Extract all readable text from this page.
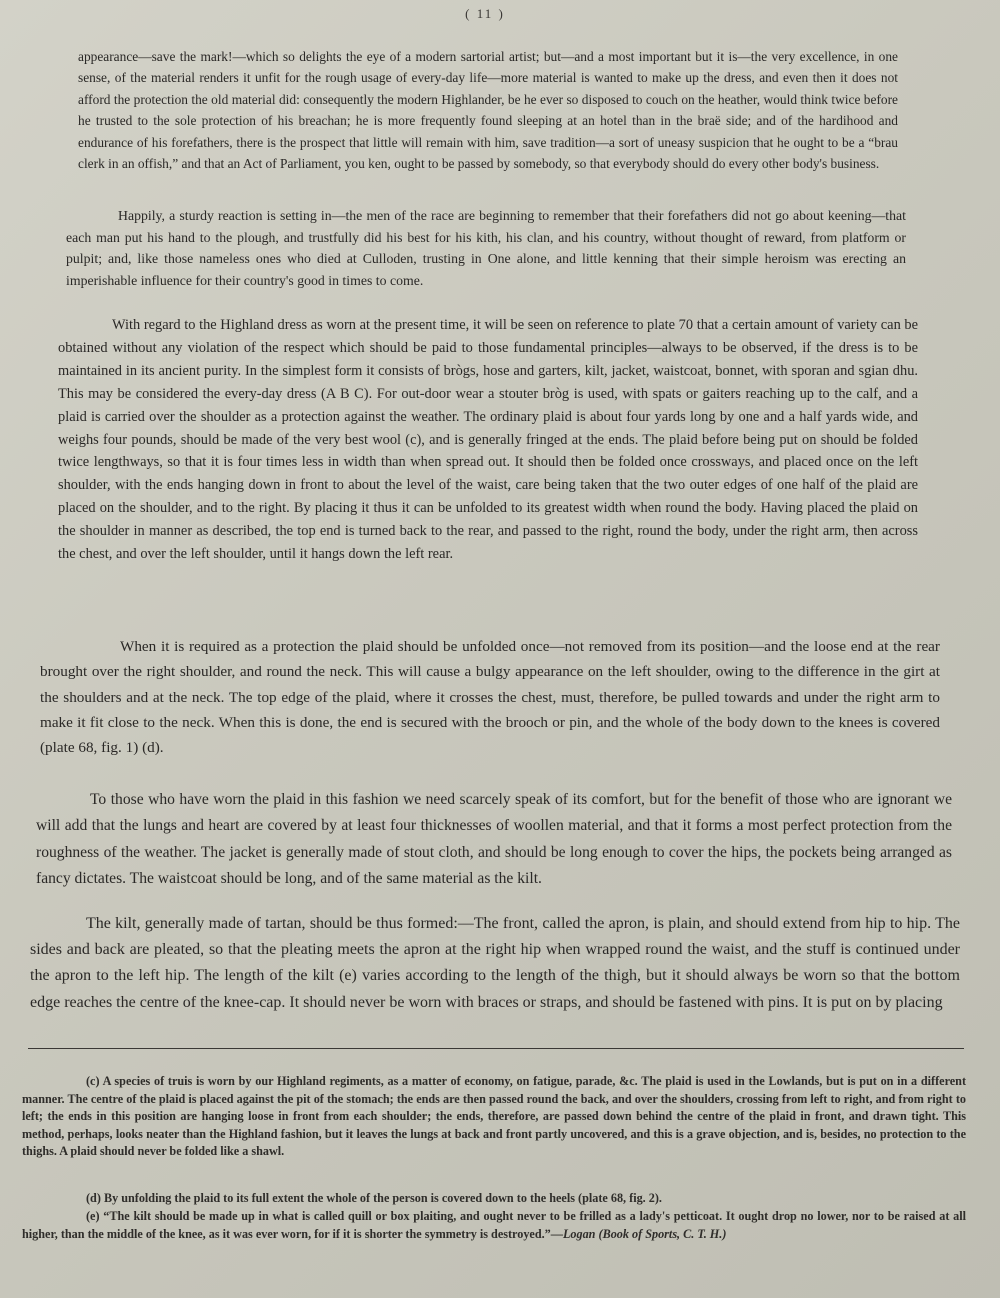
( 11 )

appearance—save the mark!—which so delights the eye of a modern sartorial artist; but—and a most important but it is—the very excellence, in one sense, of the material renders it unfit for the rough usage of every-day life—more material is wanted to make up the dress, and even then it does not afford the protection the old material did: consequently the modern Highlander, be he ever so disposed to couch on the heather, would think twice before he trusted to the sole protection of his breachan; he is more frequently found sleeping at an hotel than in the braë side; and of the hardihood and endurance of his forefathers, there is the prospect that little will remain with him, save tradition—a sort of uneasy suspicion that he ought to be a “brau clerk in an offish,” and that an Act of Parliament, you ken, ought to be passed by somebody, so that everybody should do every other body's business.

Happily, a sturdy reaction is setting in—the men of the race are beginning to remember that their forefathers did not go about keening—that each man put his hand to the plough, and trustfully did his best for his kith, his clan, and his country, without thought of reward, from platform or pulpit; and, like those nameless ones who died at Culloden, trusting in One alone, and little kenning that their simple heroism was erecting an imperishable influence for their country's good in times to come.

With regard to the Highland dress as worn at the present time, it will be seen on reference to plate 70 that a certain amount of variety can be obtained without any violation of the respect which should be paid to those fundamental principles—always to be observed, if the dress is to be maintained in its ancient purity. In the simplest form it consists of brògs, hose and garters, kilt, jacket, waistcoat, bonnet, with sporan and sgian dhu. This may be considered the every-day dress (A B C). For out-door wear a stouter bròg is used, with spats or gaiters reaching up to the calf, and a plaid is carried over the shoulder as a protection against the weather. The ordinary plaid is about four yards long by one and a half yards wide, and weighs four pounds, should be made of the very best wool (c), and is generally fringed at the ends. The plaid before being put on should be folded twice lengthways, so that it is four times less in width than when spread out. It should then be folded once crossways, and placed once on the left shoulder, with the ends hanging down in front to about the level of the waist, care being taken that the two outer edges of one half of the plaid are placed on the shoulder, and to the right. By placing it thus it can be unfolded to its greatest width when round the body. Having placed the plaid on the shoulder in manner as described, the top end is turned back to the rear, and passed to the right, round the body, under the right arm, then across the chest, and over the left shoulder, until it hangs down the left rear.

When it is required as a protection the plaid should be unfolded once—not removed from its position—and the loose end at the rear brought over the right shoulder, and round the neck. This will cause a bulgy appearance on the left shoulder, owing to the difference in the girt at the shoulders and at the neck. The top edge of the plaid, where it crosses the chest, must, therefore, be pulled towards and under the right arm to make it fit close to the neck. When this is done, the end is secured with the brooch or pin, and the whole of the body down to the knees is covered (plate 68, fig. 1) (d).

To those who have worn the plaid in this fashion we need scarcely speak of its comfort, but for the benefit of those who are ignorant we will add that the lungs and heart are covered by at least four thicknesses of woollen material, and that it forms a most perfect protection from the roughness of the weather. The jacket is generally made of stout cloth, and should be long enough to cover the hips, the pockets being arranged as fancy dictates. The waistcoat should be long, and of the same material as the kilt.

The kilt, generally made of tartan, should be thus formed:—The front, called the apron, is plain, and should extend from hip to hip. The sides and back are pleated, so that the pleating meets the apron at the right hip when wrapped round the waist, and the stuff is continued under the apron to the left hip. The length of the kilt (e) varies according to the length of the thigh, but it should always be worn so that the bottom edge reaches the centre of the knee-cap. It should never be worn with braces or straps, and should be fastened with pins. It is put on by placing

(c) A species of truis is worn by our Highland regiments, as a matter of economy, on fatigue, parade, &c. The plaid is used in the Lowlands, but is put on in a different manner. The centre of the plaid is placed against the pit of the stomach; the ends are then passed round the back, and over the shoulders, crossing from left to right, and from right to left; the ends in this position are hanging loose in front from each shoulder; the ends, therefore, are passed down behind the centre of the plaid in front, and drawn tight. This method, perhaps, looks neater than the Highland fashion, but it leaves the lungs at back and front partly uncovered, and this is a grave objection, and is, besides, no protection to the thighs. A plaid should never be folded like a shawl.

(d) By unfolding the plaid to its full extent the whole of the person is covered down to the heels (plate 68, fig. 2).

(e) “The kilt should be made up in what is called quill or box plaiting, and ought never to be frilled as a lady's petticoat. It ought drop no lower, nor to be raised at all higher, than the middle of the knee, as it was ever worn, for if it is shorter the symmetry is destroyed.”—Logan (Book of Sports, C. T. H.)
